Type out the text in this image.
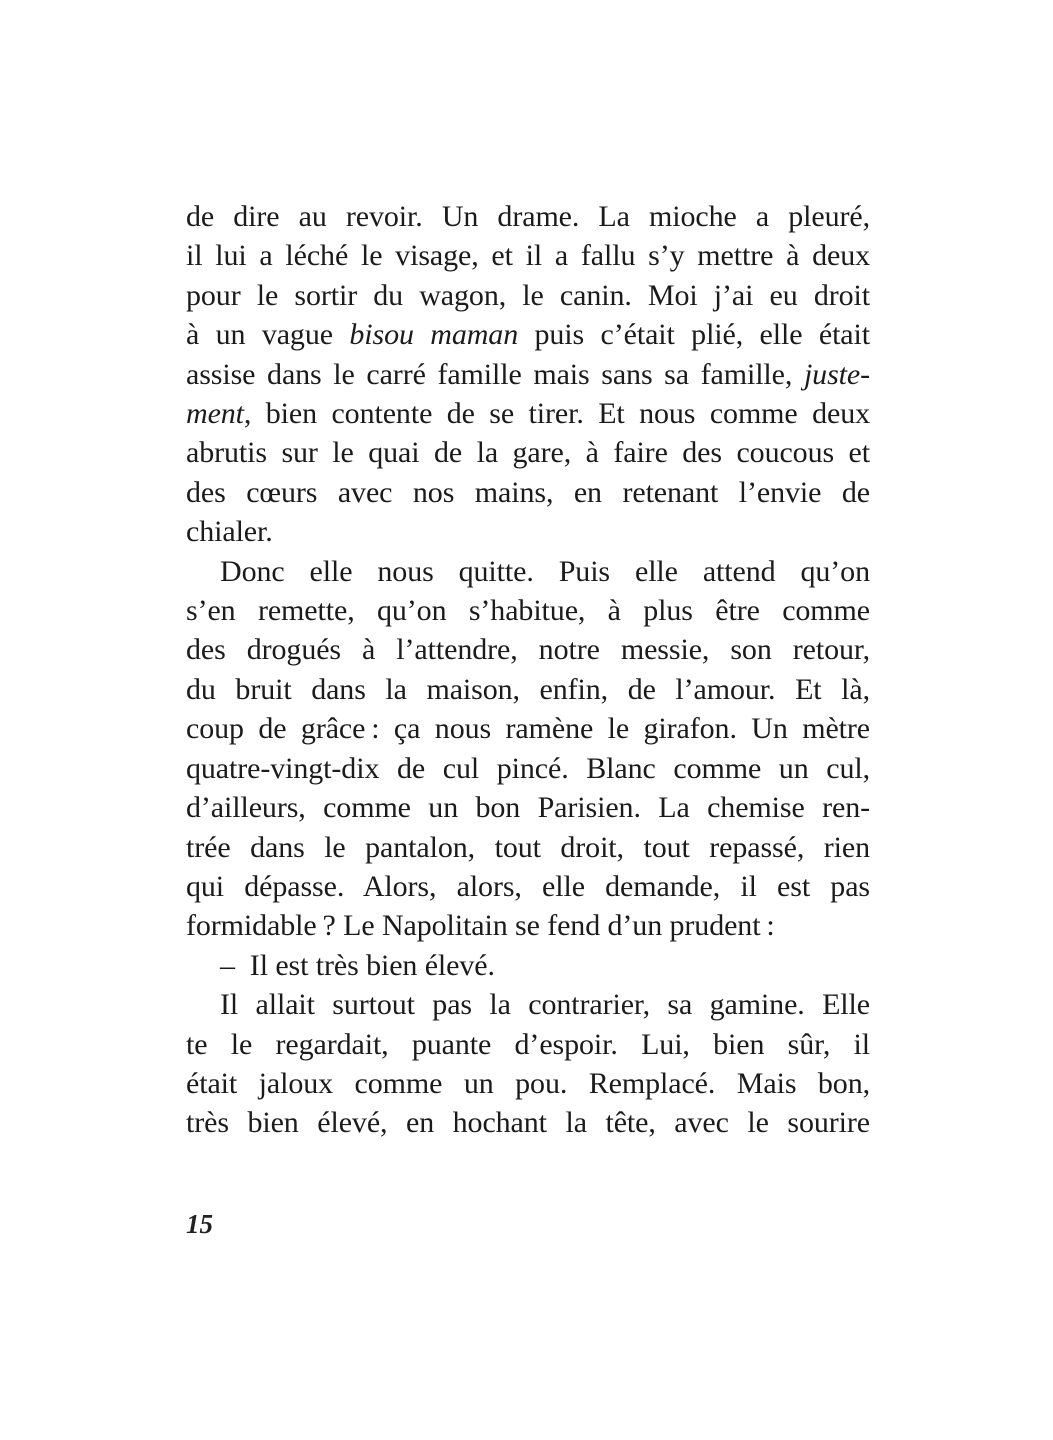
de dire au revoir. Un drame. La mioche a pleuré,
il lui a léché le visage, et il a fallu s’y mettre à deux
pour le sortir du wagon, le canin. Moi j’ai eu droit
à un vague bisou maman puis c’était plié, elle était
assise dans le carré famille mais sans sa famille, juste-
ment, bien contente de se tirer. Et nous comme deux
abrutis sur le quai de la gare, à faire des coucous et
des cœurs avec nos mains, en retenant l’envie de
chialer.
Donc elle nous quitte. Puis elle attend qu’on
s’en remette, qu’on s’habitue, à plus être comme
des drogués à l’attendre, notre messie, son retour,
du bruit dans la maison, enfin, de l’amour. Et là,
coup de grâce : ça nous ramène le girafon. Un mètre
quatre-vingt-dix de cul pincé. Blanc comme un cul,
d’ailleurs, comme un bon Parisien. La chemise ren-
trée dans le pantalon, tout droit, tout repassé, rien
qui dépasse. Alors, alors, elle demande, il est pas
formidable ? Le Napolitain se fend d’un prudent :
– Il est très bien élevé.
Il allait surtout pas la contrarier, sa gamine. Elle
te le regardait, puante d’espoir. Lui, bien sûr, il
était jaloux comme un pou. Remplacé. Mais bon,
très bien élevé, en hochant la tête, avec le sourire
15
